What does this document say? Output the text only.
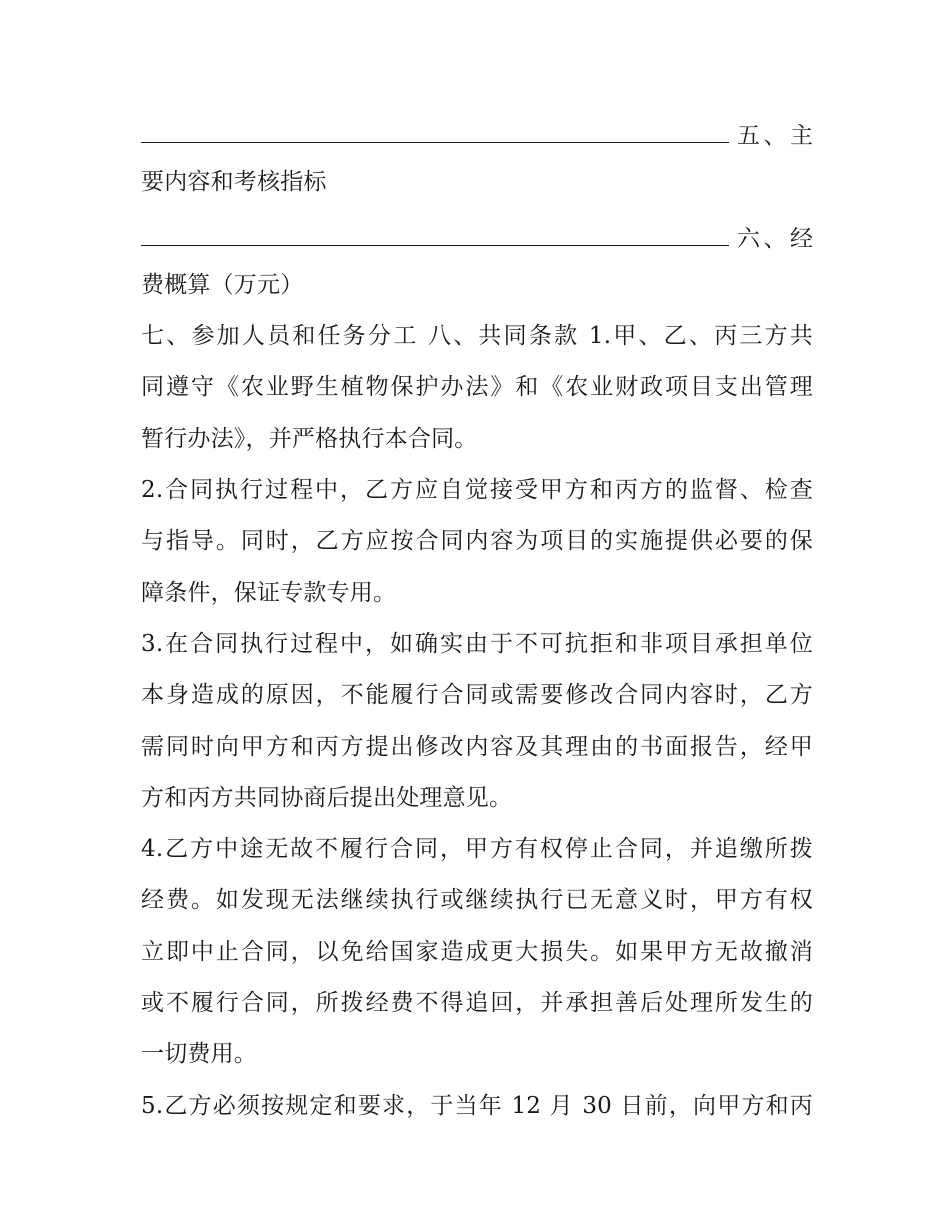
五、主
要内容和考核指标
六、经
费概算（万元）
七、参加人员和任务分工 八、共同条款 1.甲、乙、丙三方共
同遵守《农业野生植物保护办法》和《农业财政项目支出管理
暂行办法》，并严格执行本合同。
2.合同执行过程中，乙方应自觉接受甲方和丙方的监督、检查
与指导。同时，乙方应按合同内容为项目的实施提供必要的保
障条件，保证专款专用。
3.在合同执行过程中，如确实由于不可抗拒和非项目承担单位
本身造成的原因，不能履行合同或需要修改合同内容时，乙方
需同时向甲方和丙方提出修改内容及其理由的书面报告，经甲
方和丙方共同协商后提出处理意见。
4.乙方中途无故不履行合同，甲方有权停止合同，并追缴所拨
经费。如发现无法继续执行或继续执行已无意义时，甲方有权
立即中止合同，以免给国家造成更大损失。如果甲方无故撤消
或不履行合同，所拨经费不得追回，并承担善后处理所发生的
一切费用。
5.乙方必须按规定和要求，于当年 12 月 30 日前，向甲方和丙
